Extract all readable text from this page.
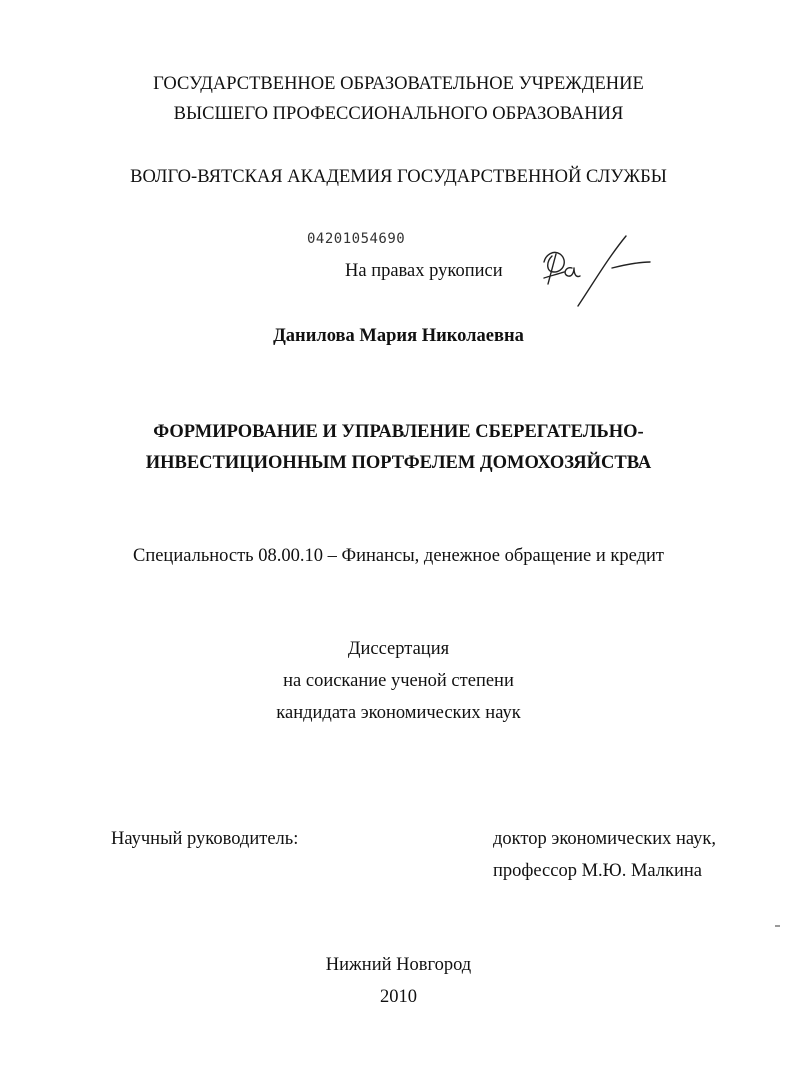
ГОСУДАРСТВЕННОЕ ОБРАЗОВАТЕЛЬНОЕ УЧРЕЖДЕНИЕ
ВЫСШЕГО ПРОФЕССИОНАЛЬНОГО ОБРАЗОВАНИЯ
ВОЛГО-ВЯТСКАЯ АКАДЕМИЯ ГОСУДАРСТВЕННОЙ СЛУЖБЫ
04201054690
На правах рукописи
Данилова Мария Николаевна
ФОРМИРОВАНИЕ И УПРАВЛЕНИЕ СБЕРЕГАТЕЛЬНО-
ИНВЕСТИЦИОННЫМ ПОРТФЕЛЕМ ДОМОХОЗЯЙСТВА
Специальность 08.00.10 – Финансы, денежное обращение и кредит
Диссертация
на соискание ученой степени
кандидата экономических наук
Научный руководитель:	доктор экономических наук,
профессор М.Ю. Малкина
Нижний Новгород
2010
